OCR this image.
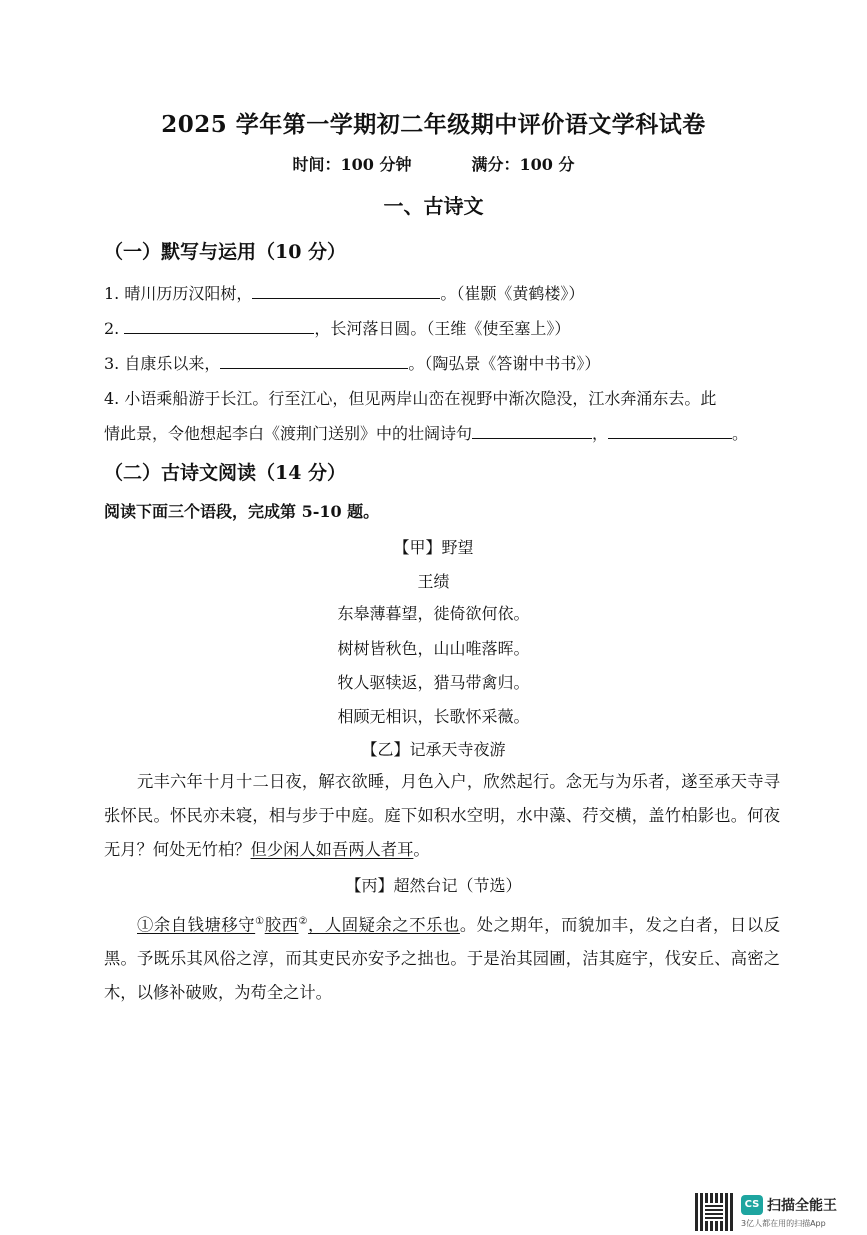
2025 学年第一学期初二年级期中评价语文学科试卷
时间：100 分钟	满分：100 分
一、古诗文
（一）默写与运用（10 分）
1. 晴川历历汉阳树，	。（崔颢《黄鹤楼》）
2.	，长河落日圆。（王维《使至塞上》）
3. 自康乐以来，	。（陶弘景《答谢中书书》）
4. 小语乘船游于长江。行至江心，但见两岸山峦在视野中渐次隐没，江水奔涌东去。此
情此景，令他想起李白《渡荆门送别》中的壮阔诗句	，	。
（二）古诗文阅读（14 分）
阅读下面三个语段，完成第 5-10 题。
【甲】野望
王绩
东皋薄暮望，徙倚欲何依。
树树皆秋色，山山唯落晖。
牧人驱犊返，猎马带禽归。
相顾无相识，长歌怀采薇。
【乙】记承天寺夜游
元丰六年十月十二日夜，解衣欲睡，月色入户，欣然起行。念无与为乐者，遂至承天寺寻张怀民。怀民亦未寝，相与步于中庭。庭下如积水空明，水中藻、荇交横，盖竹柏影也。何夜无月？何处无竹柏？但少闲人如吾两人者耳。
【丙】超然台记（节选）
①余自钱塘移守①胶西②，人固疑余之不乐也。处之期年，而貌加丰，发之白者，日以反黑。予既乐其风俗之淳，而其吏民亦安予之拙也。于是治其园圃，洁其庭宇，伐安丘、高密之木，以修补破败，为苟全之计。
CS 扫描全能王
3亿人都在用的扫描App
